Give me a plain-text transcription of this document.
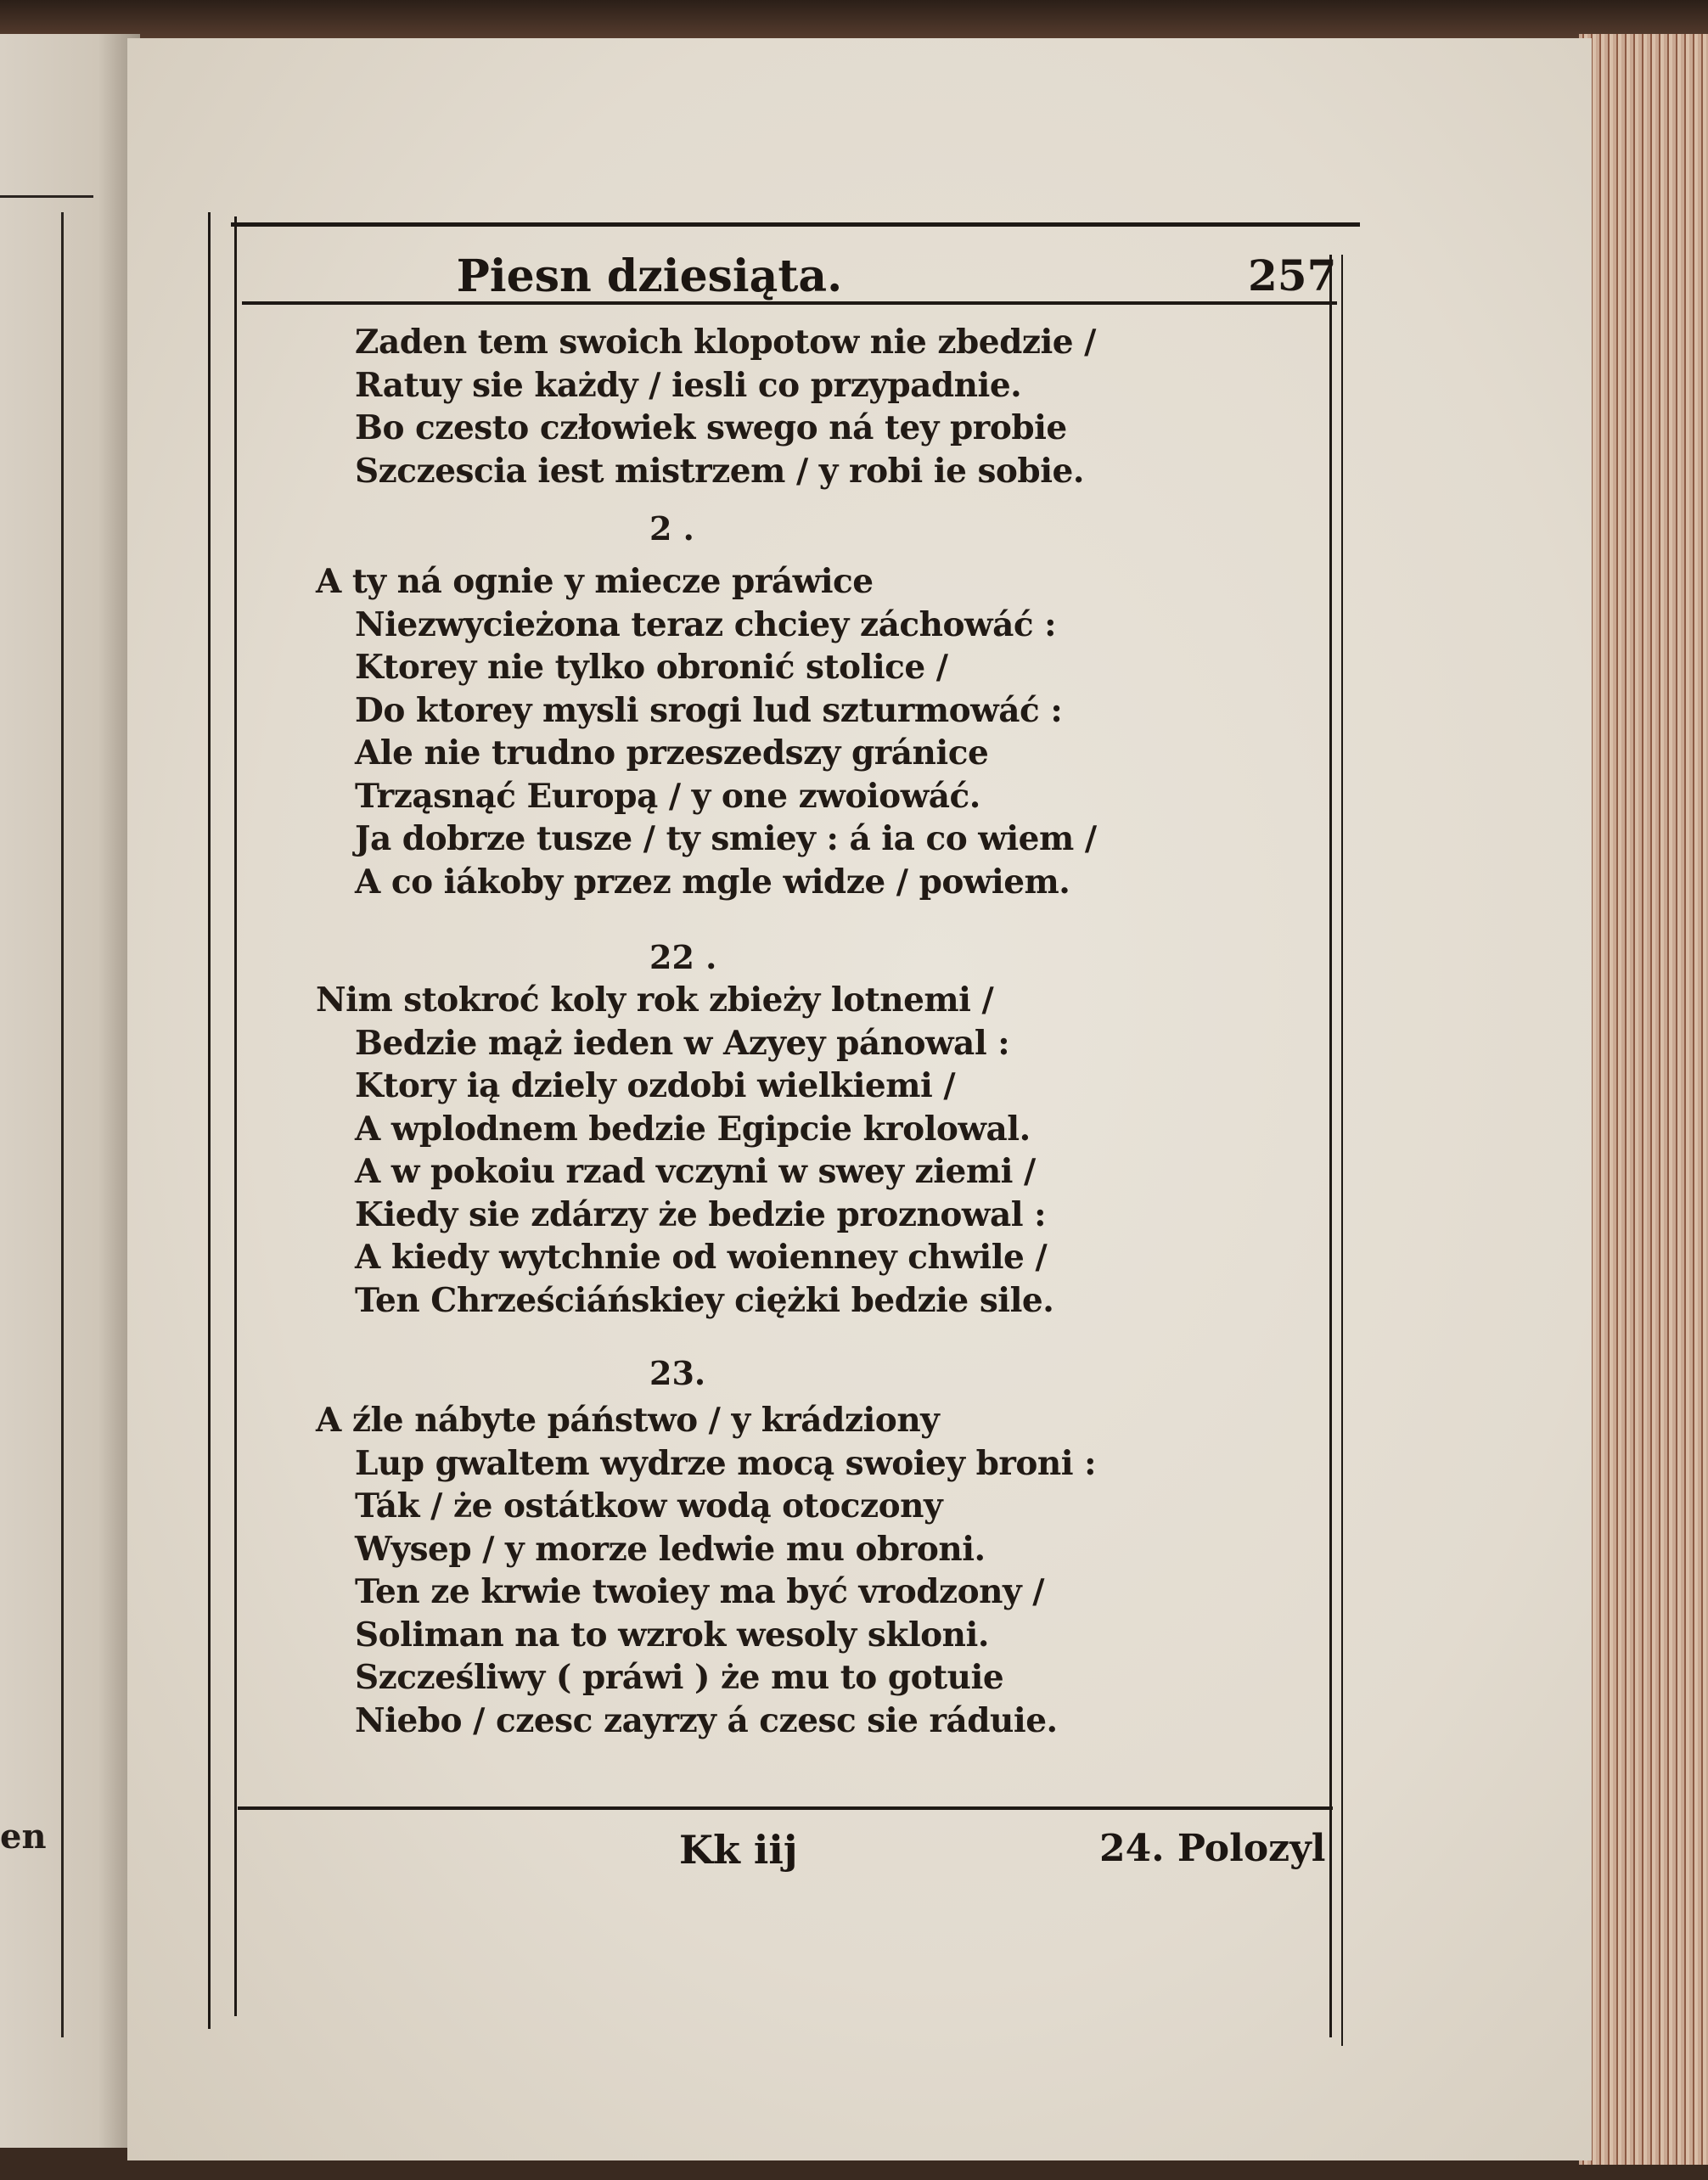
en
Piesn dziesiąta.	257
Zaden tem swoich klopotow nie zbedzie /
Ratuy sie każdy / iesli co przypadnie.
Bo czesto człowiek swego ná tey probie
Szczescia iest mistrzem / y robi ie sobie.
2 .
A ty ná ognie y miecze práwice
Niezwycieżona teraz chciey záchowáć :
Ktorey nie tylko obronić stolice /
Do ktorey mysli srogi lud szturmowáć :
Ale nie trudno przeszedszy gránice
Trząsnąć Europą / y one zwoiowáć.
Ja dobrze tusze / ty smiey : á ia co wiem /
A co iákoby przez mgle widze / powiem.
22 .
Nim stokroć koly rok zbieży lotnemi /
Bedzie mąż ieden w Azyey pánowal :
Ktory ią dziely ozdobi wielkiemi /
A wplodnem bedzie Egipcie krolowal.
A w pokoiu rzad vczyni w swey ziemi /
Kiedy sie zdárzy że bedzie proznowal :
A kiedy wytchnie od woienney chwile /
Ten Chrześciáńskiey ciężki bedzie sile.
23.
A źle nábyte páństwo / y krádziony
Lup gwaltem wydrze mocą swoiey broni :
Ták / że ostátkow wodą otoczony
Wysep / y morze ledwie mu obroni.
Ten ze krwie twoiey ma być vrodzony /
Soliman na to wzrok wesoly skloni.
Szcześliwy ( práwi ) że mu to gotuie
Niebo / czesc zayrzy á czesc sie ráduie.
Kk iij	24. Polozyl
